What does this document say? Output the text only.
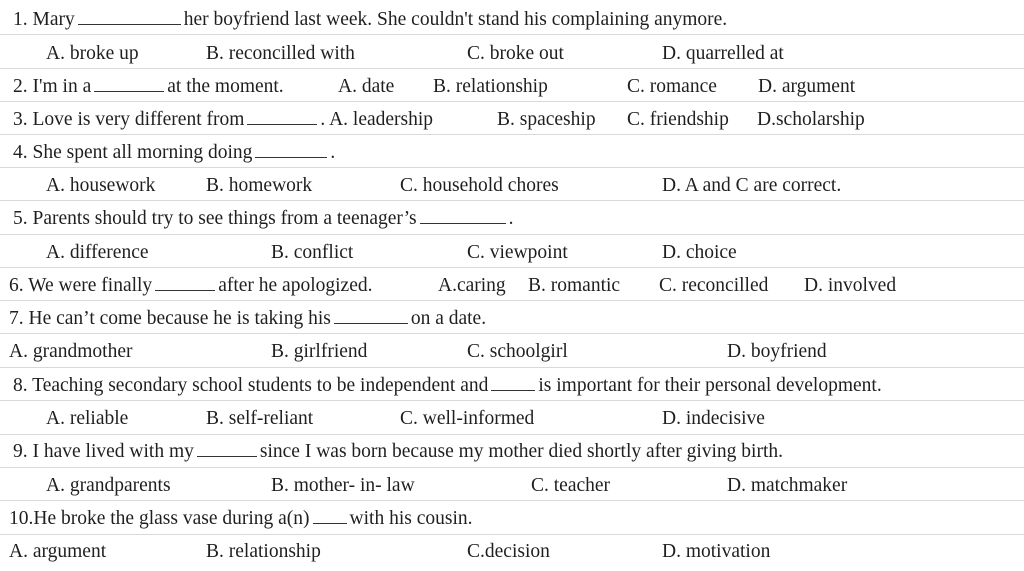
1. Mary	her boyfriend last week. She couldn't stand his complaining anymore.
A. broke up	B. reconcilled with	C. broke out	D. quarrelled at
2. I'm in a	at the moment.	A. date B. relationship	C. romance D. argument
3. Love is very different from	. A. leadership	B. spaceship C. friendship D.scholarship
4. She spent all morning doing	.
A. housework	B. homework	C. household chores	D. A and C are correct.
5. Parents should try to see things from a teenager’s	.
A. difference	B. conflict	C. viewpoint	D. choice
6. We were finally	after he apologized.	A.caring B. romantic C. reconcilled D. involved
7. He can’t come because he is taking his	on a date.
A. grandmother	B. girlfriend	C. schoolgirl	D. boyfriend
8. Teaching secondary school students to be independent and	is important for their personal development.
A. reliable	B. self-reliant	C. well-informed	D. indecisive
9. I have lived with my	since I was born because my mother died shortly after giving birth.
A. grandparents	B. mother- in- law	C. teacher	D. matchmaker
10.He broke the glass vase during a(n) with his cousin.
A. argument	B. relationship	C.decision	D. motivation
